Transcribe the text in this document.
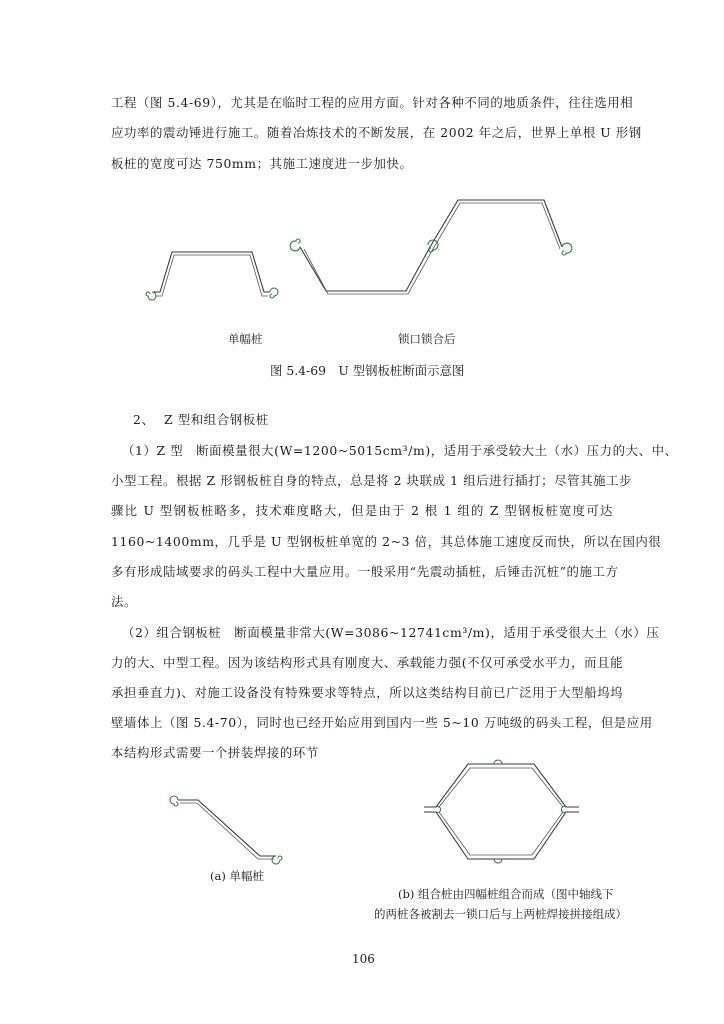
工程（图 5.4-69），尤其是在临时工程的应用方面。针对各种不同的地质条件，往往选用相
应功率的震动锤进行施工。随着冶炼技术的不断发展，在 2002 年之后，世界上单根 U 形钢
板桩的宽度可达 750mm；其施工速度进一步加快。
单幅桩	锁口锁合后
图 5.4-69　U 型钢板桩断面示意图
2、 Z 型和组合钢板桩
（1）Z 型　断面模量很大(W=1200~5015cm³/m)，适用于承受较大土（水）压力的大、中、
小型工程。根据 Z 形钢板桩自身的特点，总是将 2 块联成 1 组后进行插打；尽管其施工步
骤比 U 型钢板桩略多，技术难度略大，但是由于 2 根 1 组的 Z 型钢板桩宽度可达
1160~1400mm，几乎是 U 型钢板桩单宽的 2~3 倍，其总体施工速度反而快，所以在国内很
多有形成陆域要求的码头工程中大量应用。一般采用“先震动插桩，后锤击沉桩”的施工方
法。
（2）组合钢板桩　断面模量非常大(W=3086~12741cm³/m)，适用于承受很大土（水）压
力的大、中型工程。因为该结构形式具有刚度大、承载能力强(不仅可承受水平力，而且能
承担垂直力)、对施工设备没有特殊要求等特点，所以这类结构目前已广泛用于大型船坞坞
壁墙体上（图 5.4-70），同时也已经开始应用到国内一些 5~10 万吨级的码头工程，但是应用
本结构形式需要一个拼装焊接的环节
(a) 单幅桩
(b) 组合桩由四幅桩组合而成（图中轴线下
的两桩各被割去一锁口后与上两桩焊接拼接组成）
106
